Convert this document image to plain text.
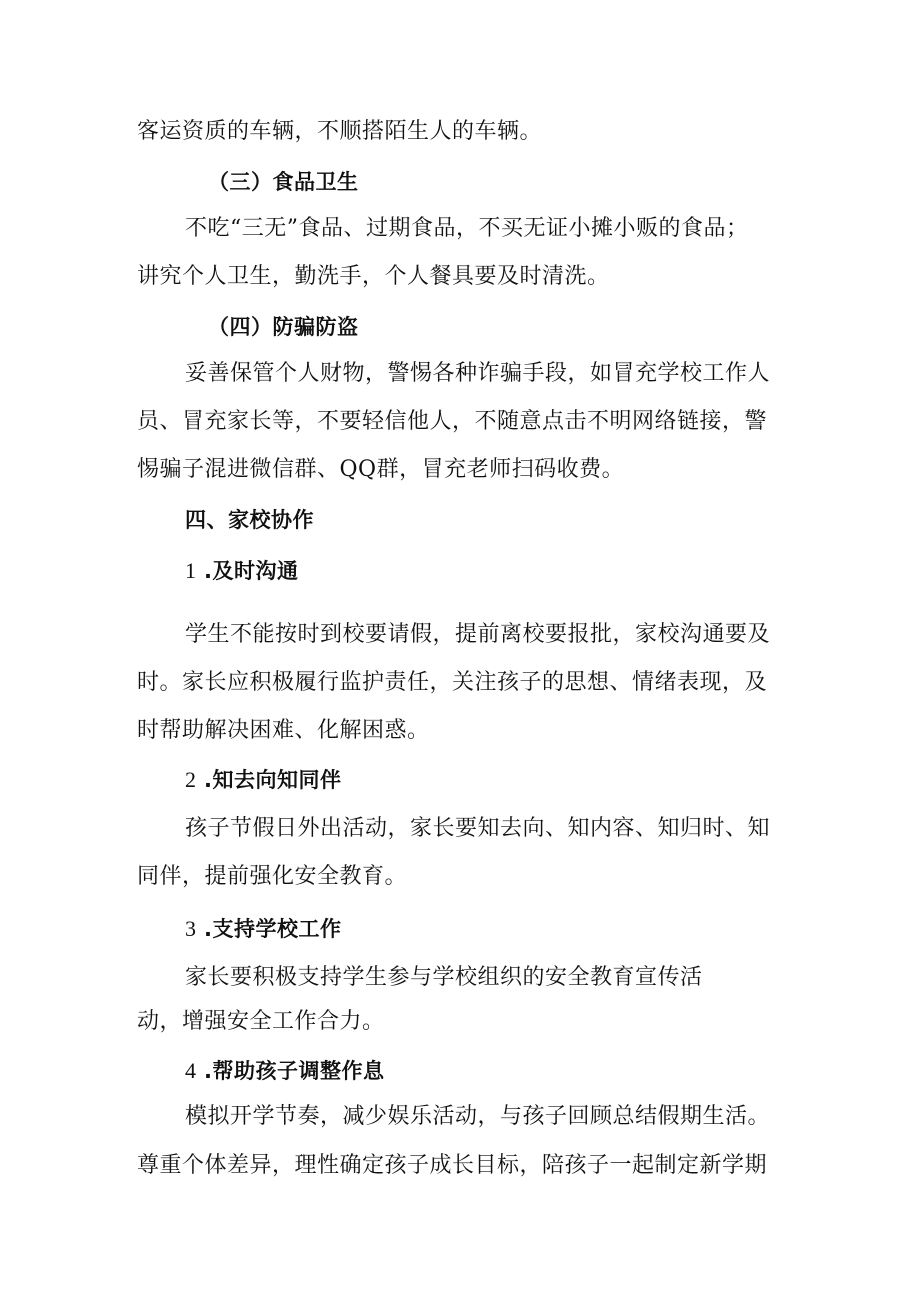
客运资质的车辆，不顺搭陌生人的车辆。
（三）食品卫生
不吃“三无”食品、过期食品，不买无证小摊小贩的食品；
讲究个人卫生，勤洗手，个人餐具要及时清洗。
（四）防骗防盗
妥善保管个人财物，警惕各种诈骗手段，如冒充学校工作人
员、冒充家长等，不要轻信他人，不随意点击不明网络链接，警
惕骗子混进微信群、QQ群，冒充老师扫码收费。
四、家校协作
1 .及时沟通
学生不能按时到校要请假，提前离校要报批，家校沟通要及
时。家长应积极履行监护责任，关注孩子的思想、情绪表现，及
时帮助解决困难、化解困惑。
2 .知去向知同伴
孩子节假日外出活动，家长要知去向、知内容、知归时、知
同伴，提前强化安全教育。
3 .支持学校工作
家长要积极支持学生参与学校组织的安全教育宣传活
动，增强安全工作合力。
4 .帮助孩子调整作息
模拟开学节奏，减少娱乐活动，与孩子回顾总结假期生活。
尊重个体差异，理性确定孩子成长目标，陪孩子一起制定新学期
